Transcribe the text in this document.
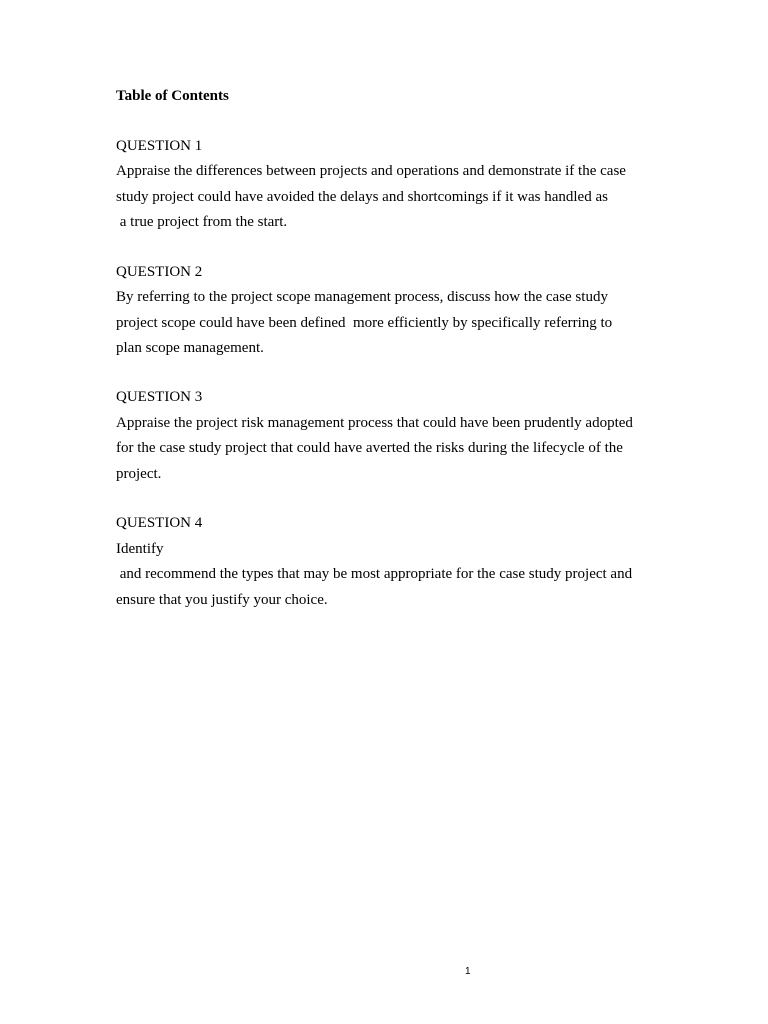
Table of Contents
QUESTION 1
Appraise the differences between projects and operations and demonstrate if the case
study project could have avoided the delays and shortcomings if it was handled as
a true project from the start.
QUESTION 2
By referring to the project scope management process, discuss how the case study
project scope could have been defined  more efficiently by specifically referring to
plan scope management.
QUESTION 3
Appraise the project risk management process that could have been prudently adopted
for the case study project that could have averted the risks during the lifecycle of the
project.
QUESTION 4
Identify
and recommend the types that may be most appropriate for the case study project and
ensure that you justify your choice.
1
